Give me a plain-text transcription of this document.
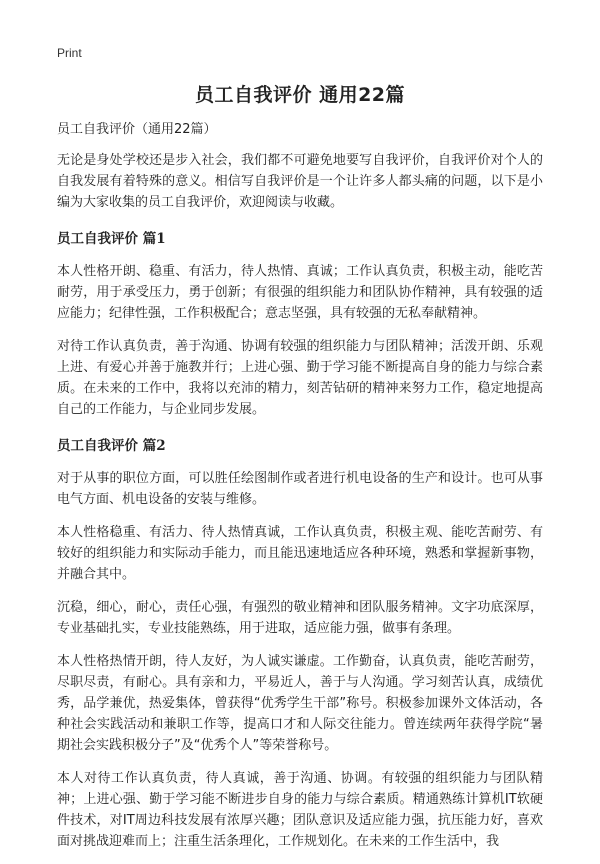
Print
员工自我评价 通用22篇

员工自我评价（通用22篇）

无论是身处学校还是步入社会，我们都不可避免地要写自我评价，自我评价对个人的自我发展有着特殊的意义。相信写自我评价是一个让许多人都头痛的问题，以下是小编为大家收集的员工自我评价，欢迎阅读与收藏。

员工自我评价 篇1

本人性格开朗、稳重、有活力，待人热情、真诚；工作认真负责，积极主动，能吃苦耐劳，用于承受压力，勇于创新；有很强的组织能力和团队协作精神，具有较强的适应能力；纪律性强，工作积极配合；意志坚强，具有较强的无私奉献精神。

对待工作认真负责，善于沟通、协调有较强的组织能力与团队精神；活泼开朗、乐观上进、有爱心并善于施教并行；上进心强、勤于学习能不断提高自身的能力与综合素质。在未来的工作中，我将以充沛的精力，刻苦钻研的精神来努力工作，稳定地提高自己的工作能力，与企业同步发展。

员工自我评价 篇2

对于从事的职位方面，可以胜任绘图制作或者进行机电设备的生产和设计。也可从事电气方面、机电设备的安装与维修。

本人性格稳重、有活力、待人热情真诚，工作认真负责，积极主观、能吃苦耐劳、有较好的组织能力和实际动手能力，而且能迅速地适应各种环境，熟悉和掌握新事物，并融合其中。

沉稳，细心，耐心，责任心强，有强烈的敬业精神和团队服务精神。文字功底深厚，专业基础扎实，专业技能熟练，用于进取，适应能力强，做事有条理。

本人性格热情开朗，待人友好，为人诚实谦虚。工作勤奋，认真负责，能吃苦耐劳，尽职尽责，有耐心。具有亲和力，平易近人，善于与人沟通。学习刻苦认真，成绩优秀，品学兼优，热爱集体，曾获得“优秀学生干部”称号。积极参加课外文体活动，各种社会实践活动和兼职工作等，提高口才和人际交往能力。曾连续两年获得学院“暑期社会实践积极分子”及“优秀个人”等荣誉称号。

本人对待工作认真负责，待人真诚，善于沟通、协调。有较强的组织能力与团队精神；上进心强、勤于学习能不断进步自身的能力与综合素质。精通熟练计算机IT软硬件技术，对IT周边科技发展有浓厚兴趣；团队意识及适应能力强，抗压能力好，喜欢面对挑战迎难而上；注重生活条理化，工作规划化。在未来的工作生活中，我
